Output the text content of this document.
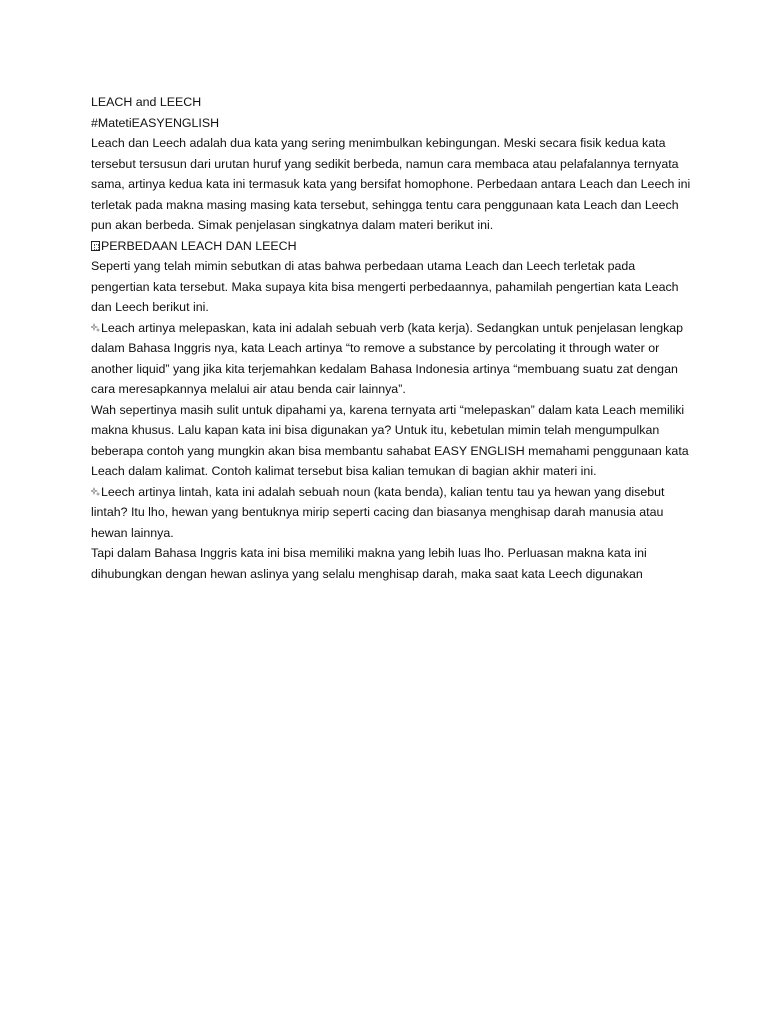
LEACH and LEECH

#MatetiEASYENGLISH

Leach dan Leech adalah dua kata yang sering menimbulkan kebingungan. Meski secara fisik kedua kata tersebut tersusun dari urutan huruf yang sedikit berbeda, namun cara membaca atau pelafalannya ternyata sama, artinya kedua kata ini termasuk kata yang bersifat homophone. Perbedaan antara Leach dan Leech ini terletak pada makna masing masing kata tersebut, sehingga tentu cara penggunaan kata Leach dan Leech pun akan berbeda. Simak penjelasan singkatnya dalam materi berikut ini.

PERBEDAAN LEACH DAN LEECH

Seperti yang telah mimin sebutkan di atas bahwa perbedaan utama Leach dan Leech terletak pada pengertian kata tersebut. Maka supaya kita bisa mengerti perbedaannya, pahamilah pengertian kata Leach dan Leech berikut ini.

Leach artinya melepaskan, kata ini adalah sebuah verb (kata kerja). Sedangkan untuk penjelasan lengkap dalam Bahasa Inggris nya, kata Leach artinya “to remove a substance by percolating it through water or another liquid” yang jika kita terjemahkan kedalam Bahasa Indonesia artinya “membuang suatu zat dengan cara meresapkannya melalui air atau benda cair lainnya”.

Wah sepertinya masih sulit untuk dipahami ya, karena ternyata arti “melepaskan” dalam kata Leach memiliki makna khusus. Lalu kapan kata ini bisa digunakan ya? Untuk itu, kebetulan mimin telah mengumpulkan beberapa contoh yang mungkin akan bisa membantu sahabat EASY ENGLISH memahami penggunaan kata Leach dalam kalimat. Contoh kalimat tersebut bisa kalian temukan di bagian akhir materi ini.

Leech artinya lintah, kata ini adalah sebuah noun (kata benda), kalian tentu tau ya hewan yang disebut lintah? Itu lho, hewan yang bentuknya mirip seperti cacing dan biasanya menghisap darah manusia atau hewan lainnya.

Tapi dalam Bahasa Inggris kata ini bisa memiliki makna yang lebih luas lho. Perluasan makna kata ini dihubungkan dengan hewan aslinya yang selalu menghisap darah, maka saat kata Leech digunakan
